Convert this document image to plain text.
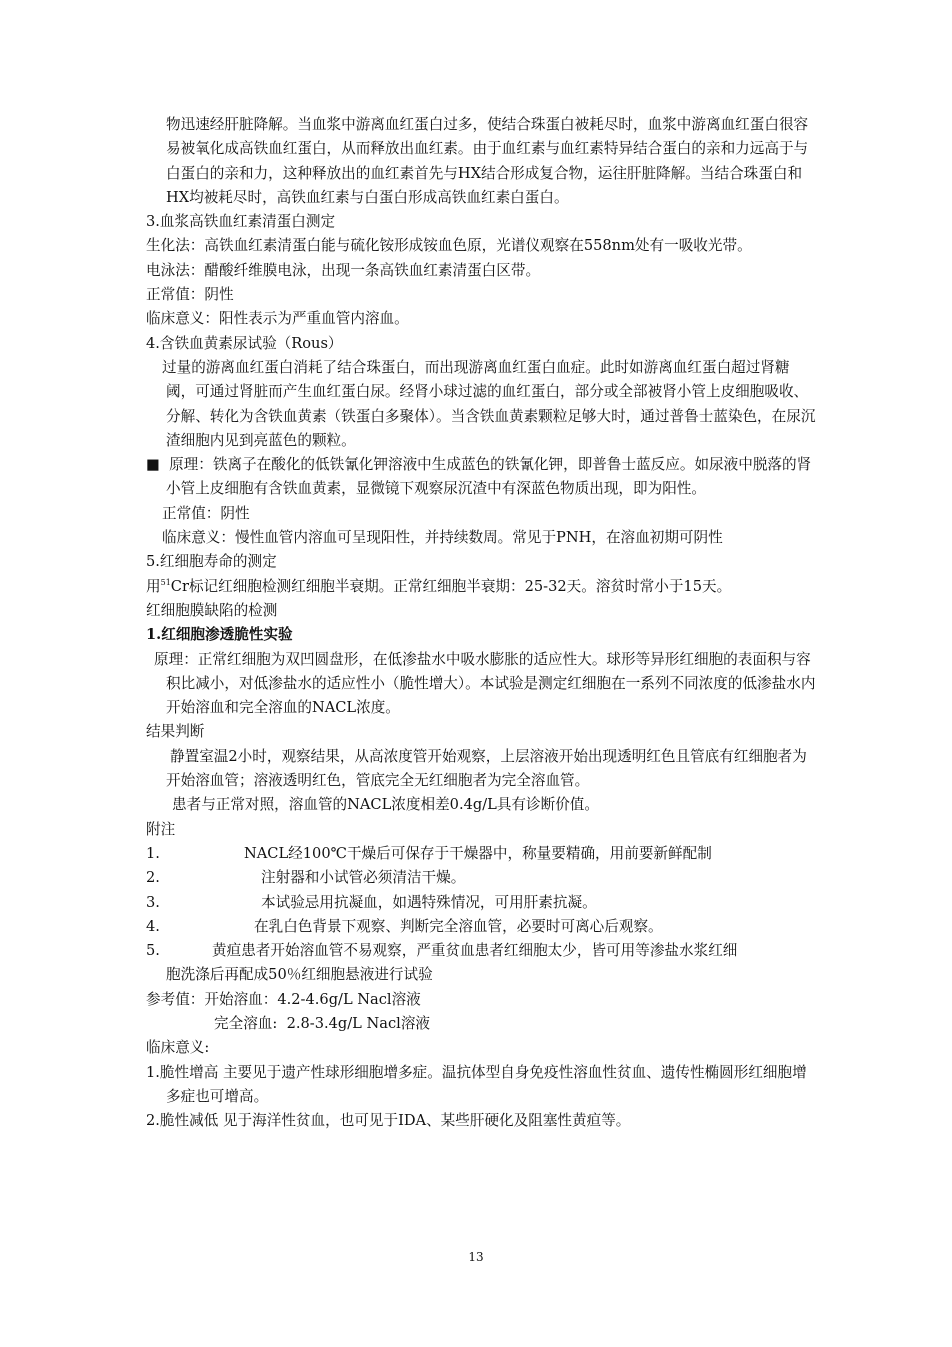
物迅速经肝脏降解。当血浆中游离血红蛋白过多，使结合珠蛋白被耗尽时，血浆中游离血红蛋白很容易被氧化成高铁血红蛋白，从而释放出血红素。由于血红素与血红素特异结合蛋白的亲和力远高于与白蛋白的亲和力，这种释放出的血红素首先与HX结合形成复合物，运往肝脏降解。当结合珠蛋白和HX均被耗尽时，高铁血红素与白蛋白形成高铁血红素白蛋白。

3.血浆高铁血红素清蛋白测定

生化法：高铁血红素清蛋白能与硫化铵形成铵血色原，光谱仪观察在558nm处有一吸收光带。

电泳法：醋酸纤维膜电泳，出现一条高铁血红素清蛋白区带。

正常值：阴性

临床意义：阳性表示为严重血管内溶血。

4.含铁血黄素尿试验（Rous）

过量的游离血红蛋白消耗了结合珠蛋白，而出现游离血红蛋白血症。此时如游离血红蛋白超过肾糖阈，可通过肾脏而产生血红蛋白尿。经肾小球过滤的血红蛋白，部分或全部被肾小管上皮细胞吸收、分解、转化为含铁血黄素（铁蛋白多聚体）。当含铁血黄素颗粒足够大时，通过普鲁士蓝染色，在尿沉渣细胞内见到亮蓝色的颗粒。

■ 原理：铁离子在酸化的低铁氰化钾溶液中生成蓝色的铁氰化钾，即普鲁士蓝反应。如尿液中脱落的肾小管上皮细胞有含铁血黄素，显微镜下观察尿沉渣中有深蓝色物质出现，即为阳性。

正常值：阴性

临床意义：慢性血管内溶血可呈现阳性，并持续数周。常见于PNH，在溶血初期可阴性

5.红细胞寿命的测定

用$^{51}$Cr标记红细胞检测红细胞半衰期。正常红细胞半衰期：25-32天。溶贫时常小于15天。

红细胞膜缺陷的检测

1.红细胞渗透脆性实验

原理：正常红细胞为双凹圆盘形，在低渗盐水中吸水膨胀的适应性大。球形等异形红细胞的表面积与容积比减小，对低渗盐水的适应性小（脆性增大）。本试验是测定红细胞在一系列不同浓度的低渗盐水内开始溶血和完全溶血的NACL浓度。

结果判断

静置室温2小时，观察结果，从高浓度管开始观察，上层溶液开始出现透明红色且管底有红细胞者为开始溶血管；溶液透明红色，管底完全无红细胞者为完全溶血管。

患者与正常对照，溶血管的NACL浓度相差0.4g/L具有诊断价值。

附注

1.	NACL经100℃干燥后可保存于干燥器中，称量要精确，用前要新鲜配制
2.	注射器和小试管必须清洁干燥。
3.	本试验忌用抗凝血，如遇特殊情况，可用肝素抗凝。
4.	在乳白色背景下观察、判断完全溶血管，必要时可离心后观察。
5.	黄疸患者开始溶血管不易观察，严重贫血患者红细胞太少，皆可用等渗盐水浆红细

胞洗涤后再配成50％红细胞悬液进行试验

参考值：开始溶血：4.2-4.6g/L Nacl溶液

完全溶血:  2.8-3.4g/L Nacl溶液

临床意义:

1.脆性增高 主要见于遗产性球形细胞增多症。温抗体型自身免疫性溶血性贫血、遗传性椭圆形红细胞增多症也可增高。

2.脆性减低 见于海洋性贫血，也可见于IDA、某些肝硬化及阻塞性黄疸等。

13
